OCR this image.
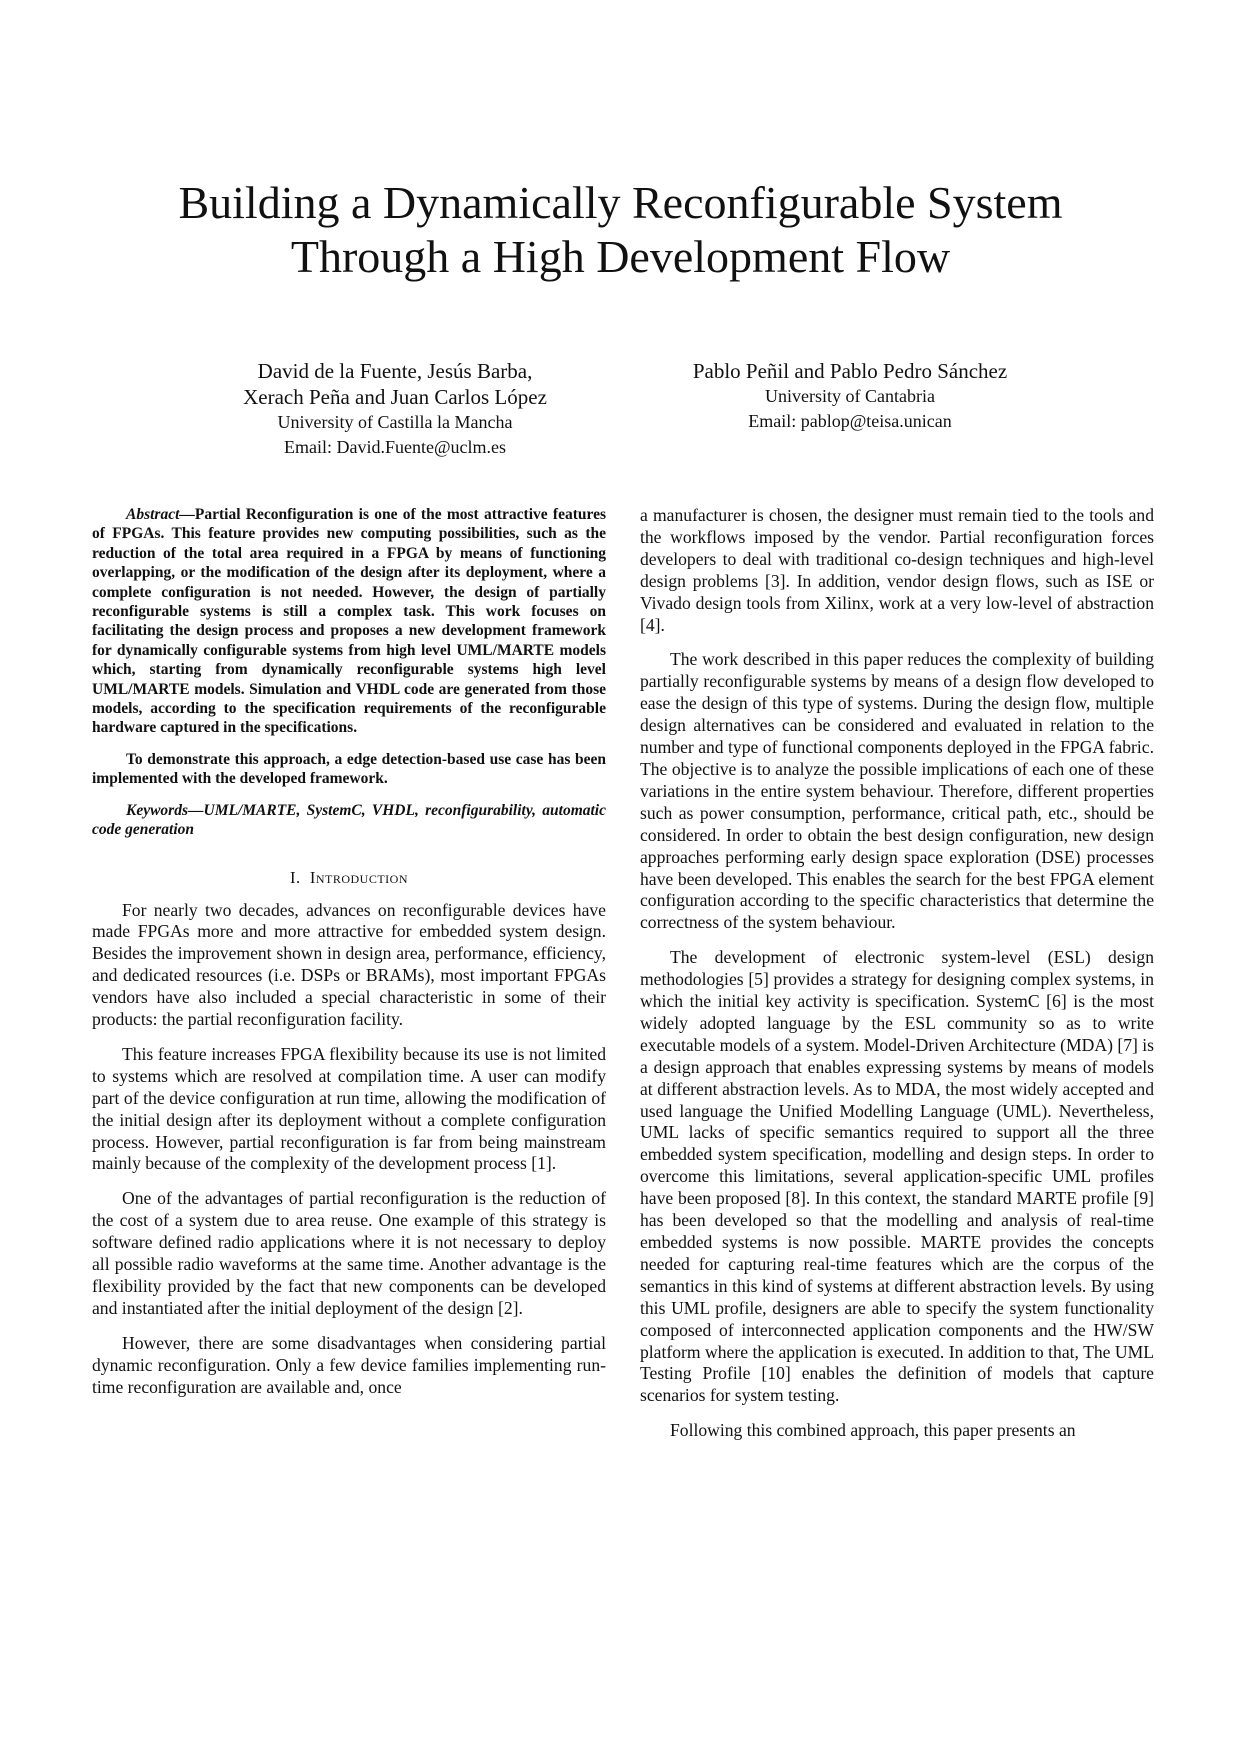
Building a Dynamically Reconfigurable System
Through a High Development Flow
David de la Fuente, Jesús Barba,
Xerach Peña and Juan Carlos López
University of Castilla la Mancha
Email: David.Fuente@uclm.es
Pablo Peñil and Pablo Pedro Sánchez
University of Cantabria
Email: pablop@teisa.unican

Abstract—Partial Reconfiguration is one of the most attractive features of FPGAs. This feature provides new computing possibilities, such as the reduction of the total area required in a FPGA by means of functioning overlapping, or the modification of the design after its deployment, where a complete configuration is not needed. However, the design of partially reconfigurable systems is still a complex task. This work focuses on facilitating the design process and proposes a new development framework for dynamically configurable systems from high level UML/MARTE models which, starting from dynamically reconfigurable systems high level UML/MARTE models. Simulation and VHDL code are generated from those models, according to the specification requirements of the reconfigurable hardware captured in the specifications.

To demonstrate this approach, a edge detection-based use case has been implemented with the developed framework.

Keywords—UML/MARTE, SystemC, VHDL, reconfigurability, automatic code generation

I. Introduction

For nearly two decades, advances on reconfigurable devices have made FPGAs more and more attractive for embedded system design. Besides the improvement shown in design area, performance, efficiency, and dedicated resources (i.e. DSPs or BRAMs), most important FPGAs vendors have also included a special characteristic in some of their products: the partial reconfiguration facility.

This feature increases FPGA flexibility because its use is not limited to systems which are resolved at compilation time. A user can modify part of the device configuration at run time, allowing the modification of the initial design after its deployment without a complete configuration process. However, partial reconfiguration is far from being mainstream mainly because of the complexity of the development process [1].

One of the advantages of partial reconfiguration is the reduction of the cost of a system due to area reuse. One example of this strategy is software defined radio applications where it is not necessary to deploy all possible radio waveforms at the same time. Another advantage is the flexibility provided by the fact that new components can be developed and instantiated after the initial deployment of the design [2].

However, there are some disadvantages when considering partial dynamic reconfiguration. Only a few device families implementing run-time reconfiguration are available and, once

a manufacturer is chosen, the designer must remain tied to the tools and the workflows imposed by the vendor. Partial reconfiguration forces developers to deal with traditional co-design techniques and high-level design problems [3]. In addition, vendor design flows, such as ISE or Vivado design tools from Xilinx, work at a very low-level of abstraction [4].

The work described in this paper reduces the complexity of building partially reconfigurable systems by means of a design flow developed to ease the design of this type of systems. During the design flow, multiple design alternatives can be considered and evaluated in relation to the number and type of functional components deployed in the FPGA fabric. The objective is to analyze the possible implications of each one of these variations in the entire system behaviour. Therefore, different properties such as power consumption, performance, critical path, etc., should be considered. In order to obtain the best design configuration, new design approaches performing early design space exploration (DSE) processes have been developed. This enables the search for the best FPGA element configuration according to the specific characteristics that determine the correctness of the system behaviour.

The development of electronic system-level (ESL) design methodologies [5] provides a strategy for designing complex systems, in which the initial key activity is specification. SystemC [6] is the most widely adopted language by the ESL community so as to write executable models of a system. Model-Driven Architecture (MDA) [7] is a design approach that enables expressing systems by means of models at different abstraction levels. As to MDA, the most widely accepted and used language the Unified Modelling Language (UML). Nevertheless, UML lacks of specific semantics required to support all the three embedded system specification, modelling and design steps. In order to overcome this limitations, several application-specific UML profiles have been proposed [8]. In this context, the standard MARTE profile [9] has been developed so that the modelling and analysis of real-time embedded systems is now possible. MARTE provides the concepts needed for capturing real-time features which are the corpus of the semantics in this kind of systems at different abstraction levels. By using this UML profile, designers are able to specify the system functionality composed of interconnected application components and the HW/SW platform where the application is executed. In addition to that, The UML Testing Profile [10] enables the definition of models that capture scenarios for system testing.

Following this combined approach, this paper presents an
